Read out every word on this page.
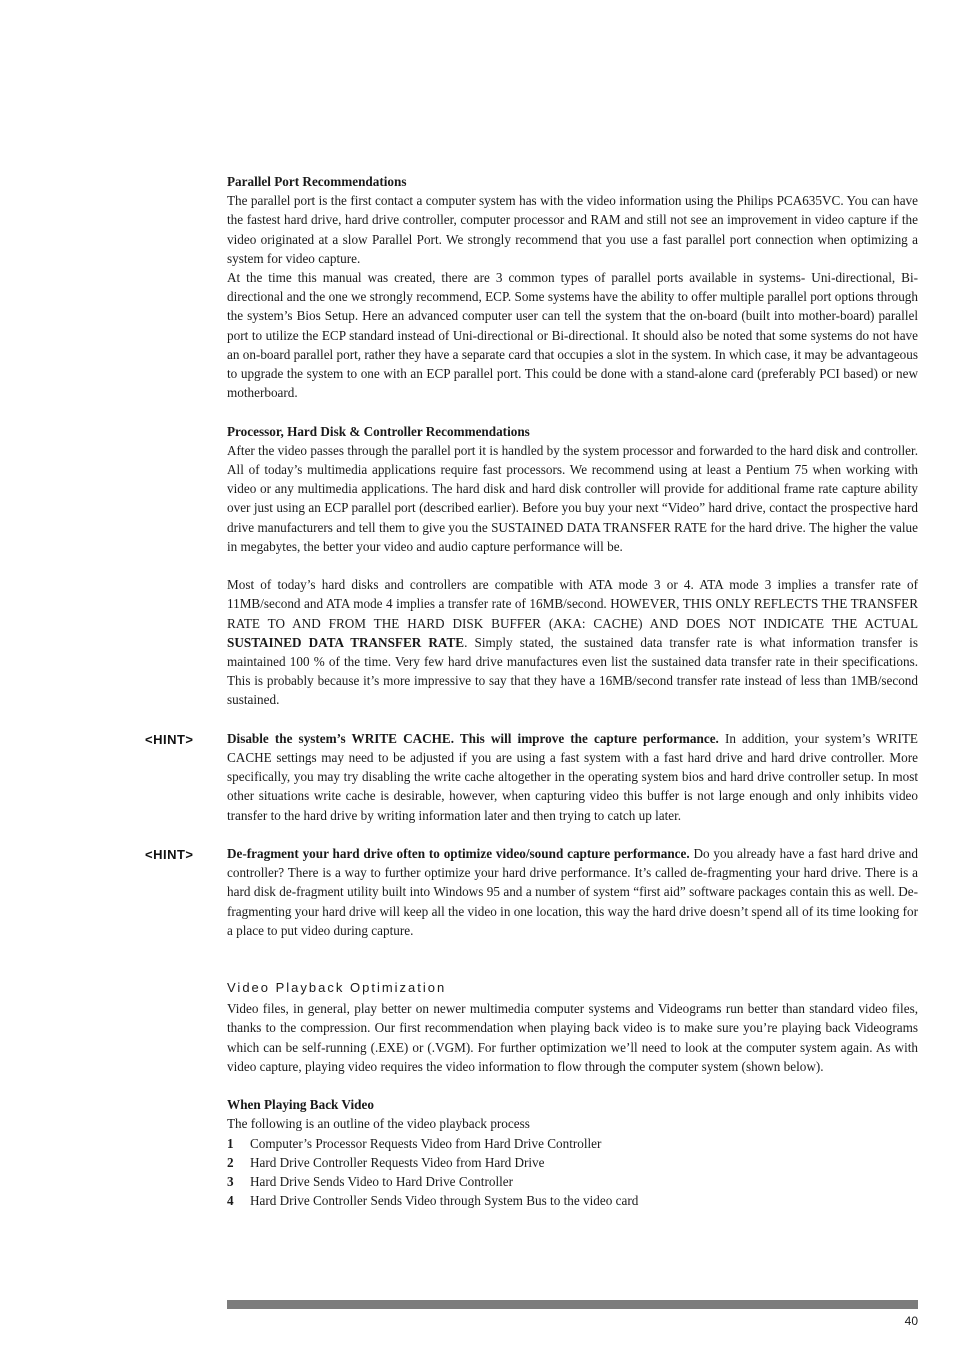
Parallel Port Recommendations

The parallel port is the first contact a computer system has with the video information using the Philips PCA635VC. You can have the fastest hard drive, hard drive controller, computer processor and RAM and still not see an improvement in video capture if the video originated at a slow Parallel Port. We strongly recommend that you use a fast parallel port connection when optimizing a system for video capture.

At the time this manual was created, there are 3 common types of parallel ports available in systems- Uni-directional, Bi-directional and the one we strongly recommend, ECP. Some systems have the ability to offer multiple parallel port options through the system’s Bios Setup. Here an advanced computer user can tell the system that the on-board (built into mother-board) parallel port to utilize the ECP standard instead of Uni-directional or Bi-directional. It should also be noted that some systems do not have an on-board parallel port, rather they have a separate card that occupies a slot in the system. In which case, it may be advantageous to upgrade the system to one with an ECP parallel port. This could be done with a stand-alone card (preferably PCI based) or new motherboard.

Processor, Hard Disk & Controller Recommendations

After the video passes through the parallel port it is handled by the system processor and forwarded to the hard disk and controller. All of today’s multimedia applications require fast processors. We recommend using at least a Pentium 75 when working with video or any multimedia applications. The hard disk and hard disk controller will provide for additional frame rate capture ability over just using an ECP parallel port (described earlier). Before you buy your next “Video” hard drive, contact the prospective hard drive manufacturers and tell them to give you the SUSTAINED DATA TRANSFER RATE for the hard drive. The higher the value in megabytes, the better your video and audio capture performance will be.

Most of today’s hard disks and controllers are compatible with ATA mode 3 or 4. ATA mode 3 implies a transfer rate of 11MB/second and ATA mode 4 implies a transfer rate of 16MB/second. HOWEVER, THIS ONLY REFLECTS THE TRANSFER RATE TO AND FROM THE HARD DISK BUFFER (AKA: CACHE) AND DOES NOT INDICATE THE ACTUAL SUSTAINED DATA TRANSFER RATE. Simply stated, the sustained data transfer rate is what information transfer is maintained 100 % of the time. Very few hard drive manufactures even list the sustained data transfer rate in their specifications. This is probably because it’s more impressive to say that they have a 16MB/second transfer rate instead of less than 1MB/second sustained.

<HINT>	Disable the system’s WRITE CACHE. This will improve the capture performance. In addition, your system’s WRITE CACHE settings may need to be adjusted if you are using a fast system with a fast hard drive and hard drive controller. More specifically, you may try disabling the write cache altogether in the operating system bios and hard drive controller setup. In most other situations write cache is desirable, however, when capturing video this buffer is not large enough and only inhibits video transfer to the hard drive by writing information later and then trying to catch up later.

<HINT>	De-fragment your hard drive often to optimize video/sound capture performance. Do you already have a fast hard drive and controller? There is a way to further optimize your hard drive performance. It’s called de-fragmenting your hard drive. There is a hard disk de-fragment utility built into Windows 95 and a number of system “first aid” software packages contain this as well. De-fragmenting your hard drive will keep all the video in one location, this way the hard drive doesn’t spend all of its time looking for a place to put video during capture.

Video Playback Optimization

Video files, in general, play better on newer multimedia computer systems and Videograms run better than standard video files, thanks to the compression. Our first recommendation when playing back video is to make sure you’re playing back Videograms which can be self-running (.EXE) or (.VGM). For further optimization we’ll need to look at the computer system again. As with video capture, playing video requires the video information to flow through the computer system (shown below).

When Playing Back Video

The following is an outline of the video playback process

1	Computer’s Processor Requests Video from Hard Drive Controller
2	Hard Drive Controller Requests Video from Hard Drive
3	Hard Drive Sends Video to Hard Drive Controller
4	Hard Drive Controller Sends Video through System Bus to the video card
40
